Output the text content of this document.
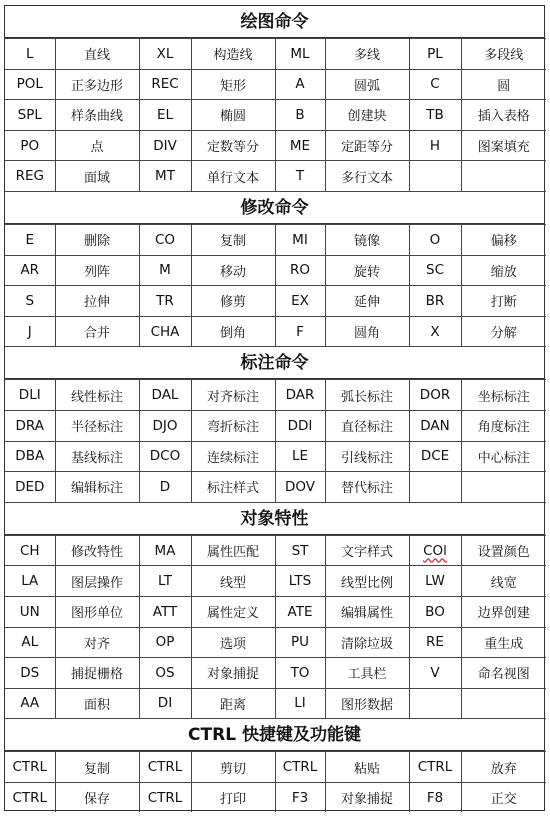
绘图命令
L	直线	XL	构造线	ML	多线	PL	多段线
POL	正多边形	REC	矩形	A	圆弧	C	圆
SPL	样条曲线	EL	椭圆	B	创建块	TB	插入表格
PO	点	DIV	定数等分	ME	定距等分	H	图案填充
REG	面域	MT	单行文本	T	多行文本		
修改命令
E	删除	CO	复制	MI	镜像	O	偏移
AR	列阵	M	移动	RO	旋转	SC	缩放
S	拉伸	TR	修剪	EX	延伸	BR	打断
J	合并	CHA	倒角	F	圆角	X	分解
标注命令
DLI	线性标注	DAL	对齐标注	DAR	弧长标注	DOR	坐标标注
DRA	半径标注	DJO	弯折标注	DDI	直径标注	DAN	角度标注
DBA	基线标注	DCO	连续标注	LE	引线标注	DCE	中心标注
DED	编辑标注	D	标注样式	DOV	替代标注		
对象特性
CH	修改特性	MA	属性匹配	ST	文字样式	COl	设置颜色
LA	图层操作	LT	线型	LTS	线型比例	LW	线宽
UN	图形单位	ATT	属性定义	ATE	编辑属性	BO	边界创建
AL	对齐	OP	选项	PU	清除垃圾	RE	重生成
DS	捕捉栅格	OS	对象捕捉	TO	工具栏	V	命名视图
AA	面积	DI	距离	LI	图形数据		
CTRL 快捷键及功能键
CTRL	复制	CTRL	剪切	CTRL	粘贴	CTRL	放弃
CTRL	保存	CTRL	打印	F3	对象捕捉	F8	正交
